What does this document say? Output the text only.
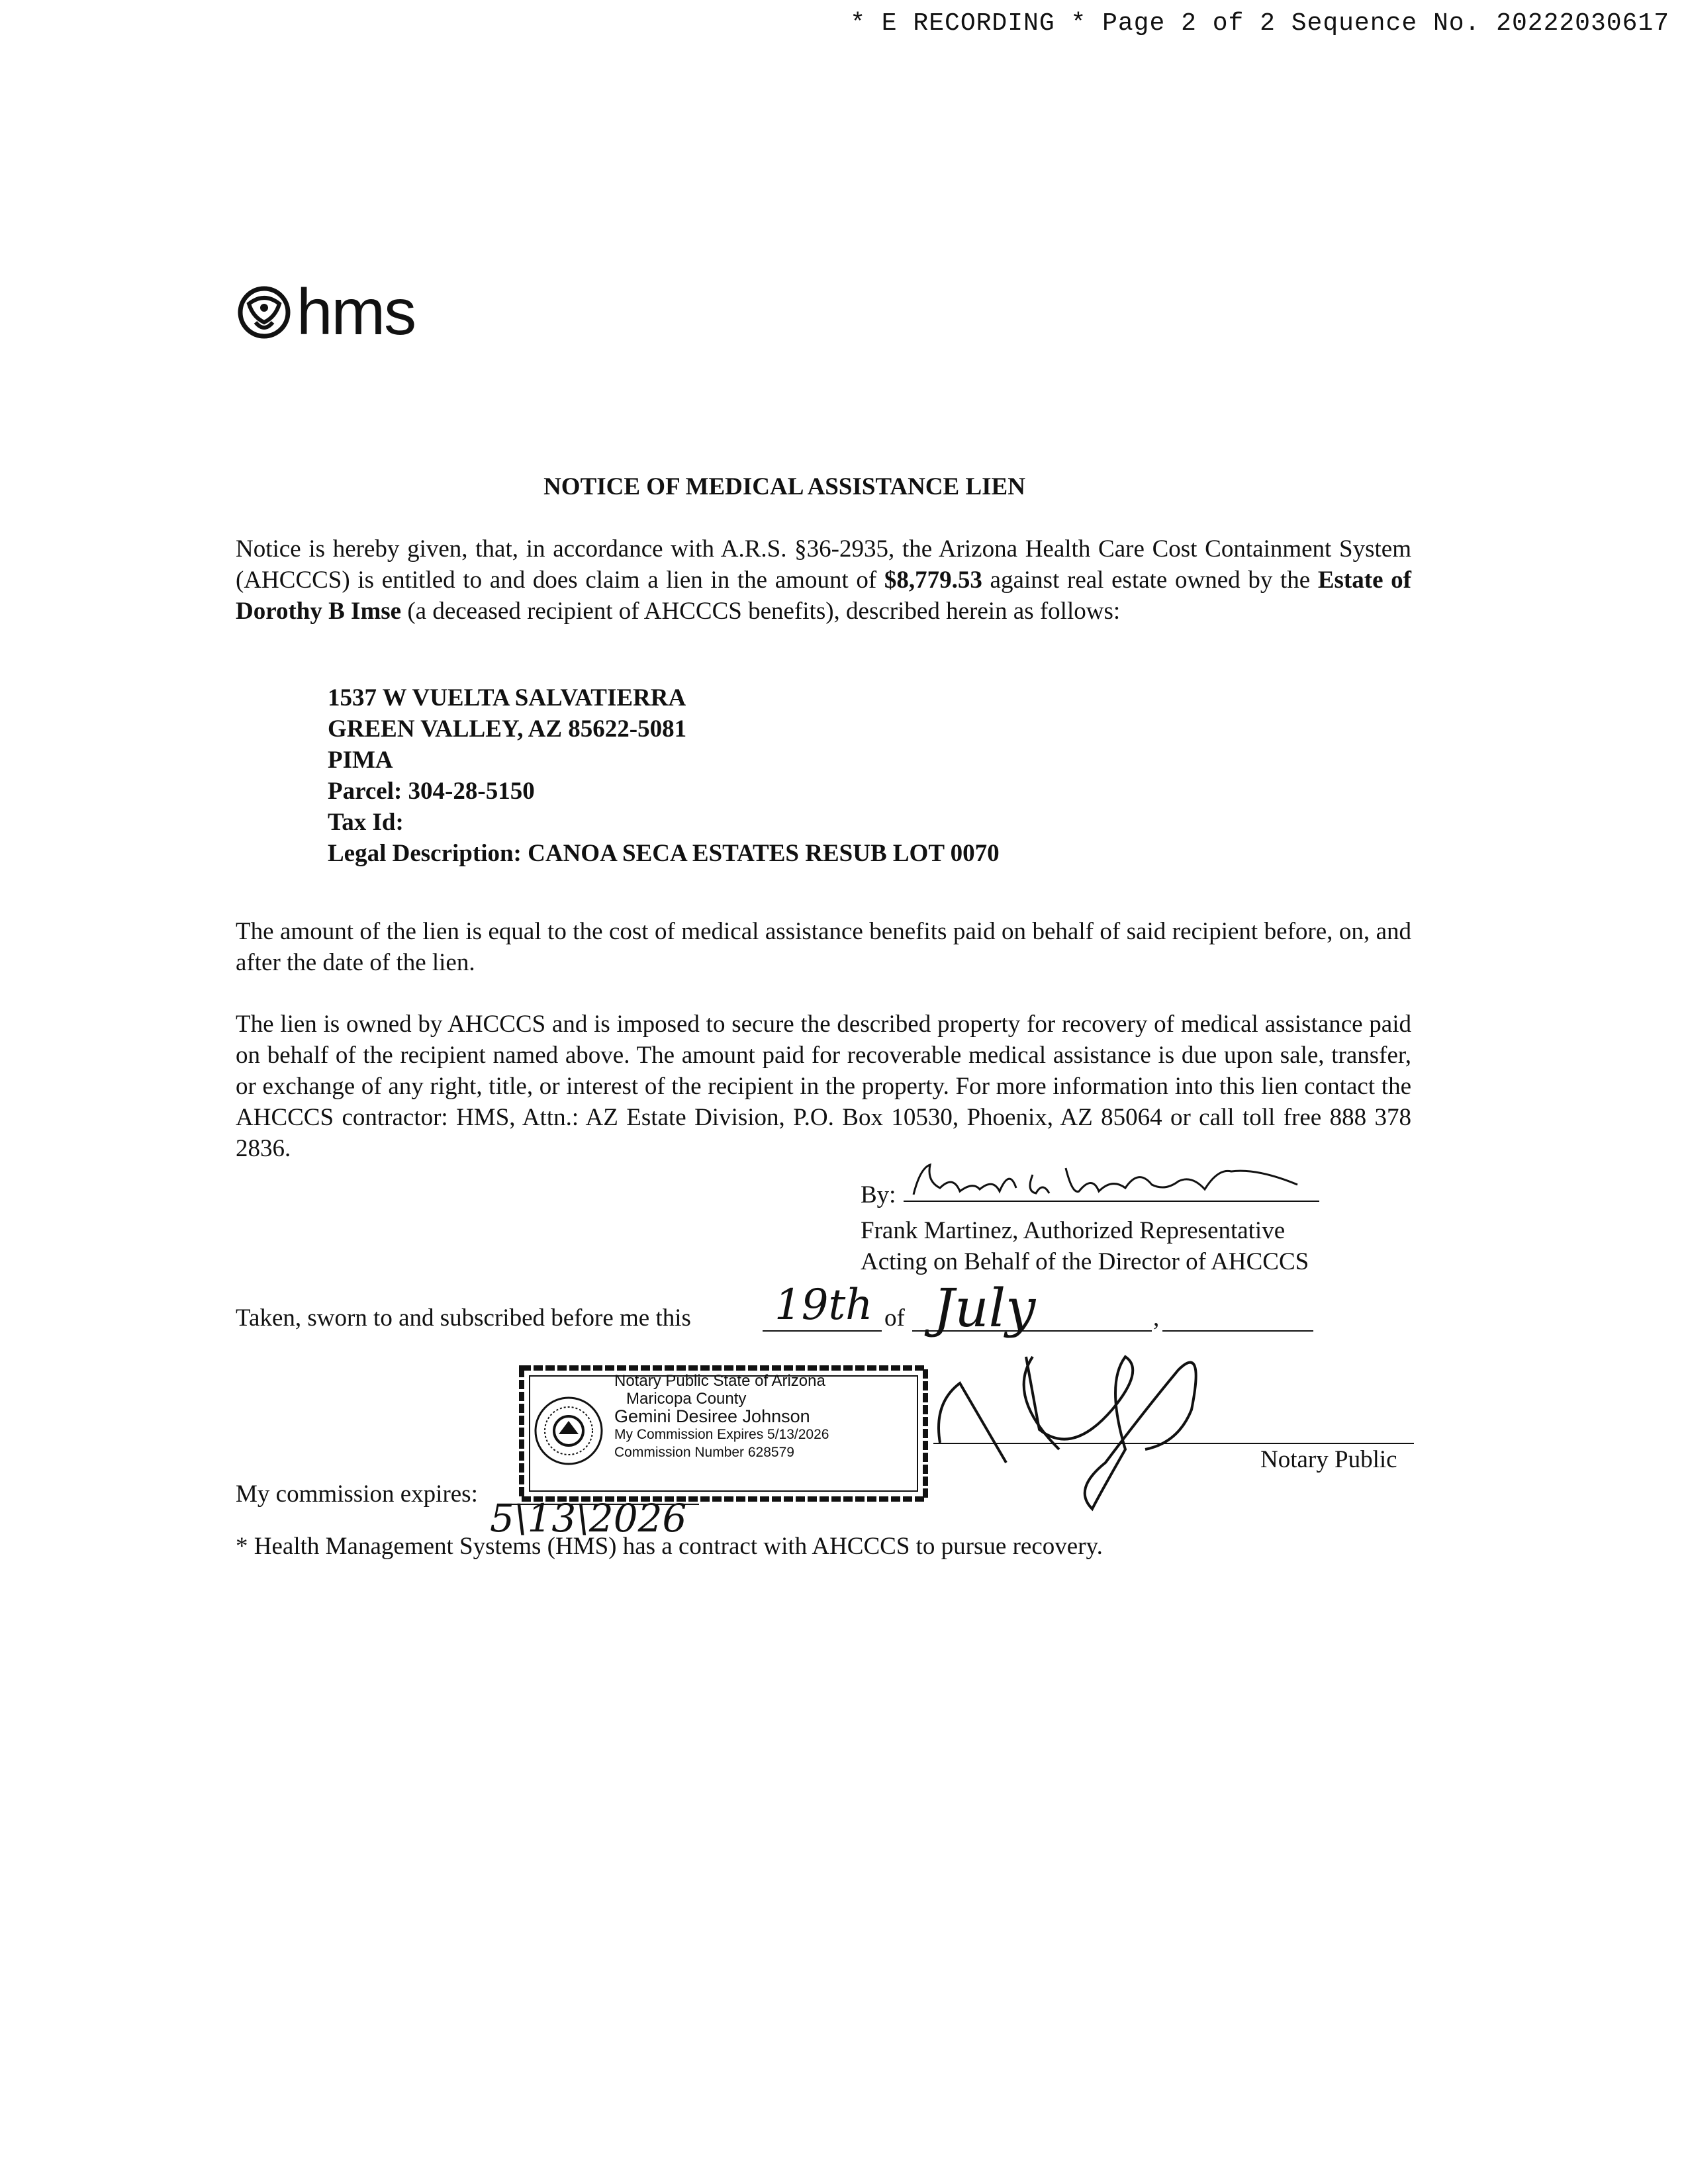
* E RECORDING * Page 2 of 2 Sequence No. 20222030617
hms
NOTICE OF MEDICAL ASSISTANCE LIEN
Notice is hereby given, that, in accordance with A.R.S. §36-2935, the Arizona Health Care Cost Containment System (AHCCCS) is entitled to and does claim a lien in the amount of $8,779.53 against real estate owned by the Estate of Dorothy B Imse (a deceased recipient of AHCCCS benefits), described herein as follows:
1537 W VUELTA SALVATIERRA
GREEN VALLEY, AZ 85622-5081
PIMA
Parcel: 304-28-5150
Tax Id:
Legal Description: CANOA SECA ESTATES RESUB LOT 0070
The amount of the lien is equal to the cost of medical assistance benefits paid on behalf of said recipient before, on, and after the date of the lien.
The lien is owned by AHCCCS and is imposed to secure the described property for recovery of medical assistance paid on behalf of the recipient named above. The amount paid for recoverable medical assistance is due upon sale, transfer, or exchange of any right, title, or interest of the recipient in the property. For more information into this lien contact the AHCCCS contractor: HMS, Attn.: AZ Estate Division, P.O. Box 10530, Phoenix, AZ 85064 or call toll free 888 378 2836.
By:
Frank Martinez, Authorized Representative
Acting on Behalf of the Director of AHCCCS
Taken, sworn to and subscribed before me this 19th of July	,
Notary Public State of Arizona
Maricopa County
Gemini Desiree Johnson
My Commission Expires 5/13/2026
Commission Number 628579	Notary Public
My commission expires:
5\13\2026
* Health Management Systems (HMS) has a contract with AHCCCS to pursue recovery.
